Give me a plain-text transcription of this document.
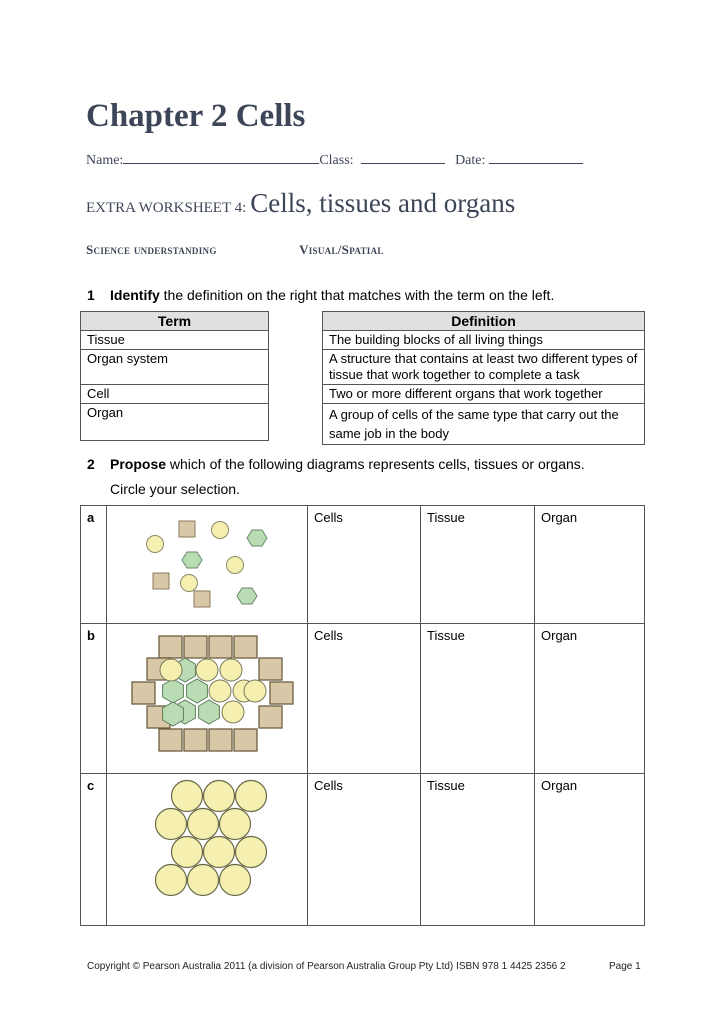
Chapter 2 Cells
Name:	Class:	Date:
EXTRA WORKSHEET 4: Cells, tissues and organs
Science understanding	Visual/Spatial
1 Identify the definition on the right that matches with the term on the left.
Term
Tissue
Organ system
Cell
Organ
Definition
The building blocks of all living things
A structure that contains at least two different types of tissue that work together to complete a task
Two or more different organs that work together
A group of cells of the same type that carry out the same job in the body
2 Propose which of the following diagrams represents cells, tissues or organs.
Circle your selection.
a		Cells	Tissue	Organ
b		Cells	Tissue	Organ
c		Cells	Tissue	Organ
Copyright © Pearson Australia 2011 (a division of Pearson Australia Group Pty Ltd) ISBN 978 1 4425 2356 2	Page 1
